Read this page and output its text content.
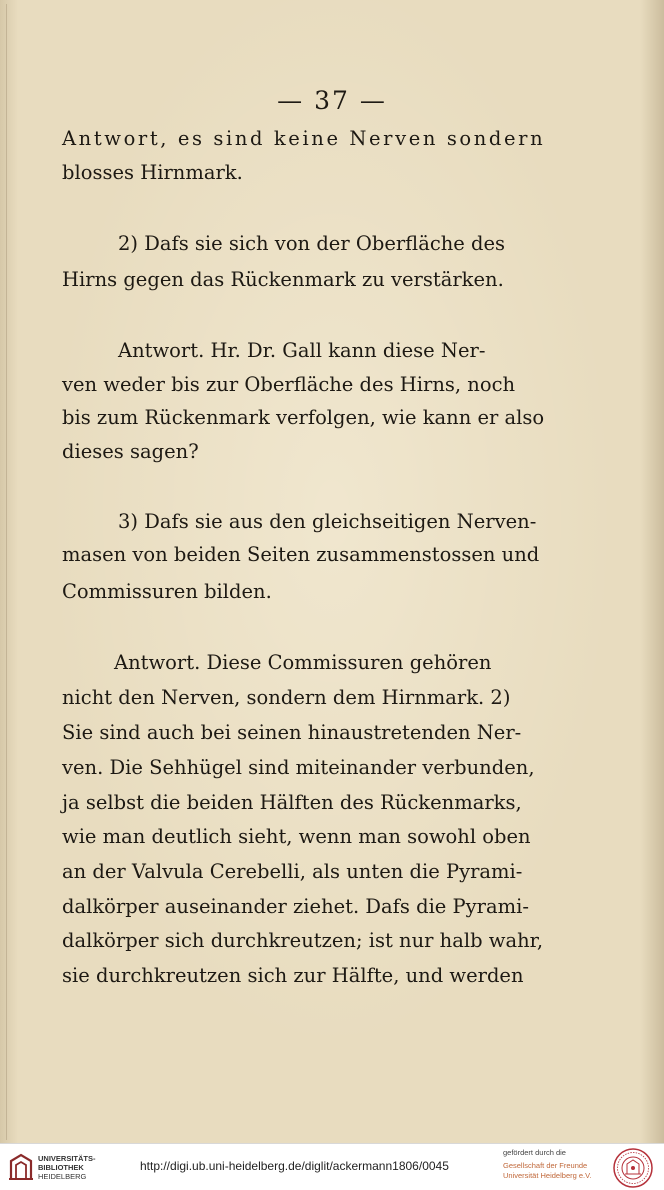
— 37 —
Antwort, es sind keine Nerven sondern
blosses Hirnmark.
2) Dafs sie sich von der Oberfläche des
Hirns gegen das Rückenmark zu verstärken.
Antwort. Hr. Dr. Gall kann diese Ner-
ven weder bis zur Oberfläche des Hirns, noch
bis zum Rückenmark verfolgen, wie kann er also
dieses sagen?
3) Dafs sie aus den gleichseitigen Nerven-
masen von beiden Seiten zusammenstossen und
Commissuren bilden.
Antwort. Diese Commissuren gehören
nicht den Nerven, sondern dem Hirnmark. 2)
Sie sind auch bei seinen hinaustretenden Ner-
ven. Die Sehhügel sind miteinander verbunden,
ja selbst die beiden Hälften des Rückenmarks,
wie man deutlich sieht, wenn man sowohl oben
an der Valvula Cerebelli, als unten die Pyrami-
dalkörper auseinander ziehet. Dafs die Pyrami-
dalkörper sich durchkreutzen; ist nur halb wahr,
sie durchkreutzen sich zur Hälfte, und werden
UNIVERSITÄTS-
BIBLIOTHEK
HEIDELBERG
http://digi.ub.uni-heidelberg.de/diglit/ackermann1806/0045
gefördert durch die
Gesellschaft der Freunde
Universität Heidelberg e.V.
